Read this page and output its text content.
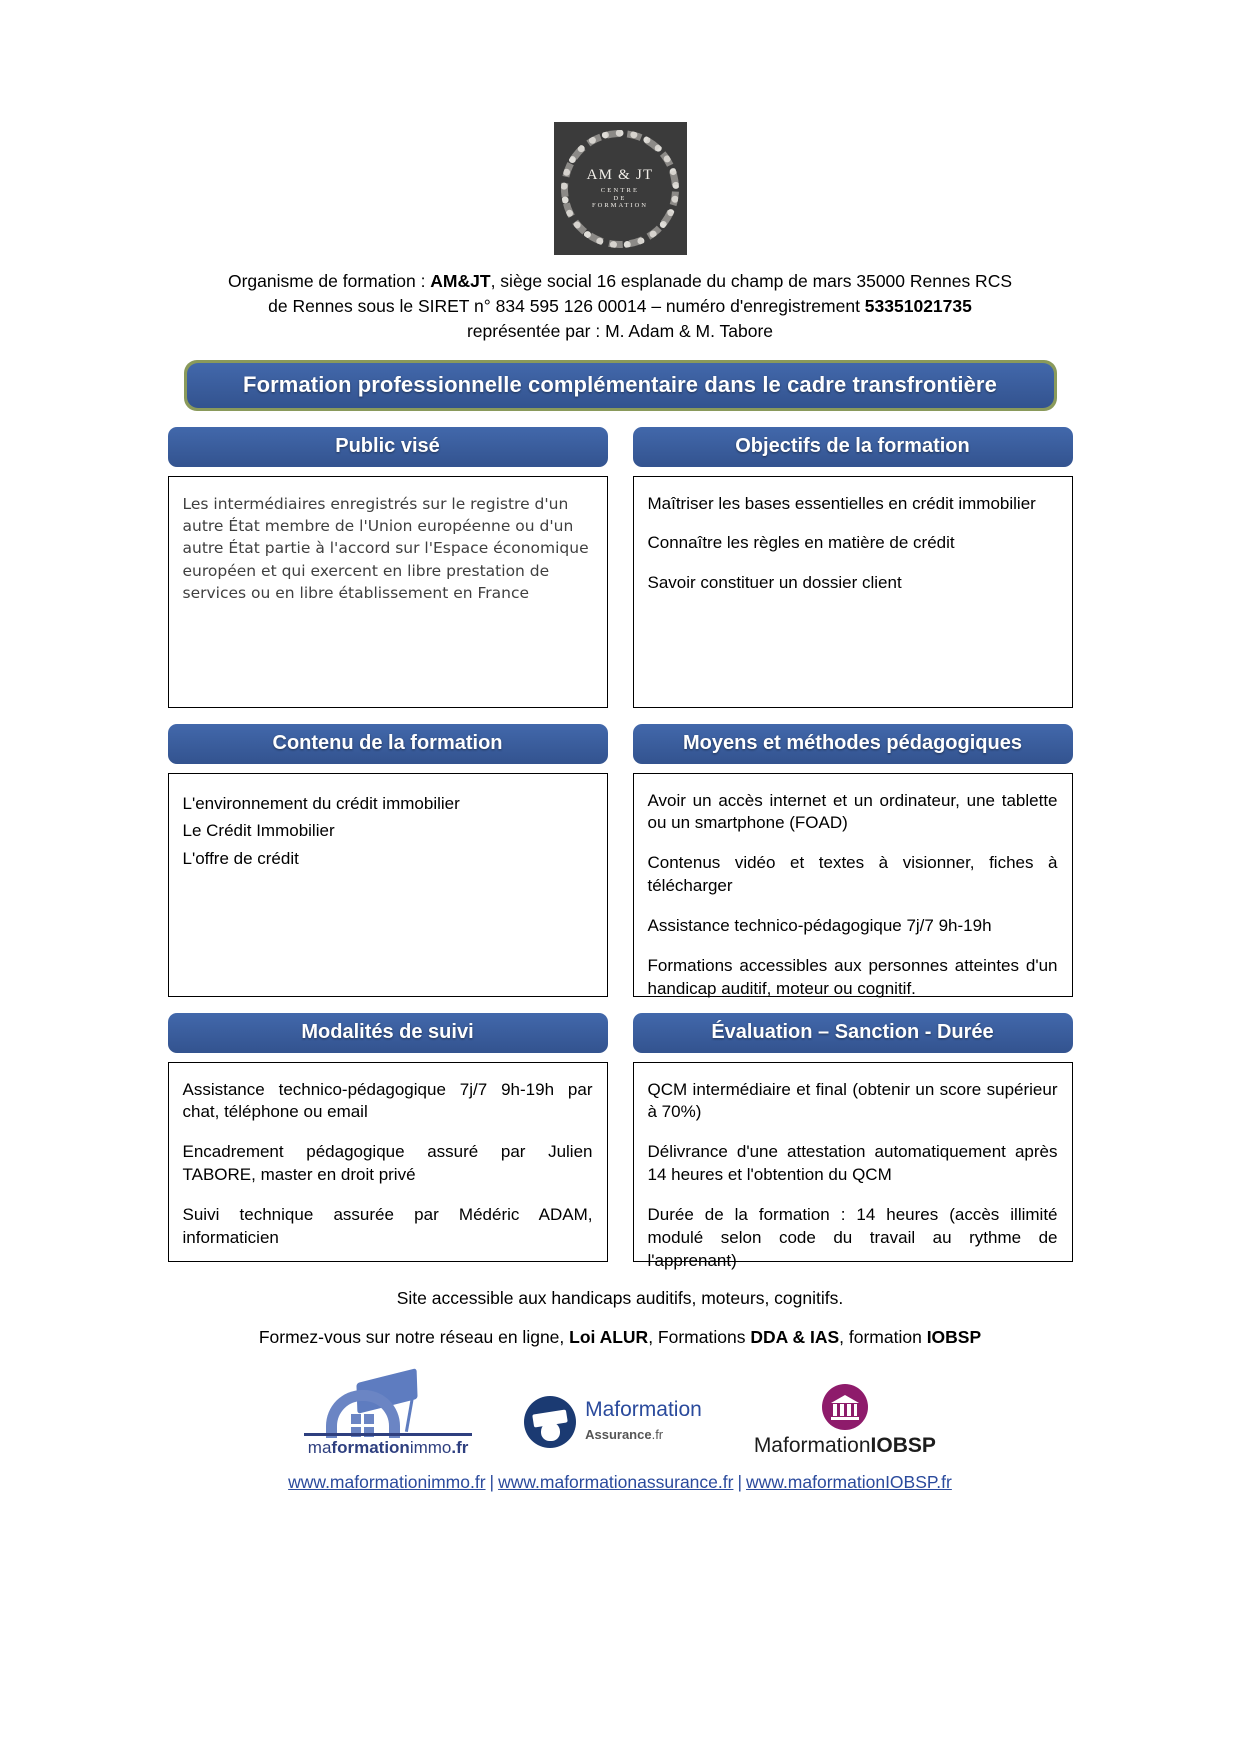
AM & JT
CENTRE
DE
FORMATION
Organisme de formation : AM&JT, siège social 16 esplanade du champ de mars 35000 Rennes RCS
de Rennes sous le SIRET n° 834 595 126 00014 – numéro d'enregistrement 53351021735
représentée par : M. Adam & M. Tabore
Formation professionnelle complémentaire dans le cadre transfrontière
Public visé

Les intermédiaires enregistrés sur le registre d'un autre État membre de l'Union européenne ou d'un autre État partie à l'accord sur l'Espace économique européen et qui exercent en libre prestation de services ou en libre établissement en France

Objectifs de la formation

Maîtriser les bases essentielles en crédit immobilier

Connaître les règles en matière de crédit

Savoir constituer un dossier client

Contenu de la formation

L'environnement du crédit immobilier

Le Crédit Immobilier

L'offre de crédit

Moyens et méthodes pédagogiques

Avoir un accès internet et un ordinateur, une tablette ou un smartphone (FOAD)

Contenus vidéo et textes à visionner, fiches à télécharger

Assistance technico-pédagogique 7j/7 9h-19h

Formations accessibles aux personnes atteintes d'un handicap auditif, moteur ou cognitif.

Modalités de suivi

Assistance technico-pédagogique 7j/7 9h-19h par chat, téléphone ou email

Encadrement pédagogique assuré par Julien TABORE, master en droit privé

Suivi technique assurée par Médéric ADAM, informaticien

Évaluation – Sanction - Durée

QCM intermédiaire et final (obtenir un score supérieur à 70%)

Délivrance d'une attestation automatiquement après 14 heures et l'obtention du QCM

Durée de la formation : 14 heures (accès illimité modulé selon code du travail au rythme de l'apprenant)

Site accessible aux handicaps auditifs, moteurs, cognitifs.
Formez-vous sur notre réseau en ligne, Loi ALUR, Formations DDA & IAS, formation IOBSP
maformationimmo.fr
Maformation
Assurance.fr	MaformationIOBSP
www.maformationimmo.fr | www.maformationassurance.fr | www.maformationIOBSP.fr
